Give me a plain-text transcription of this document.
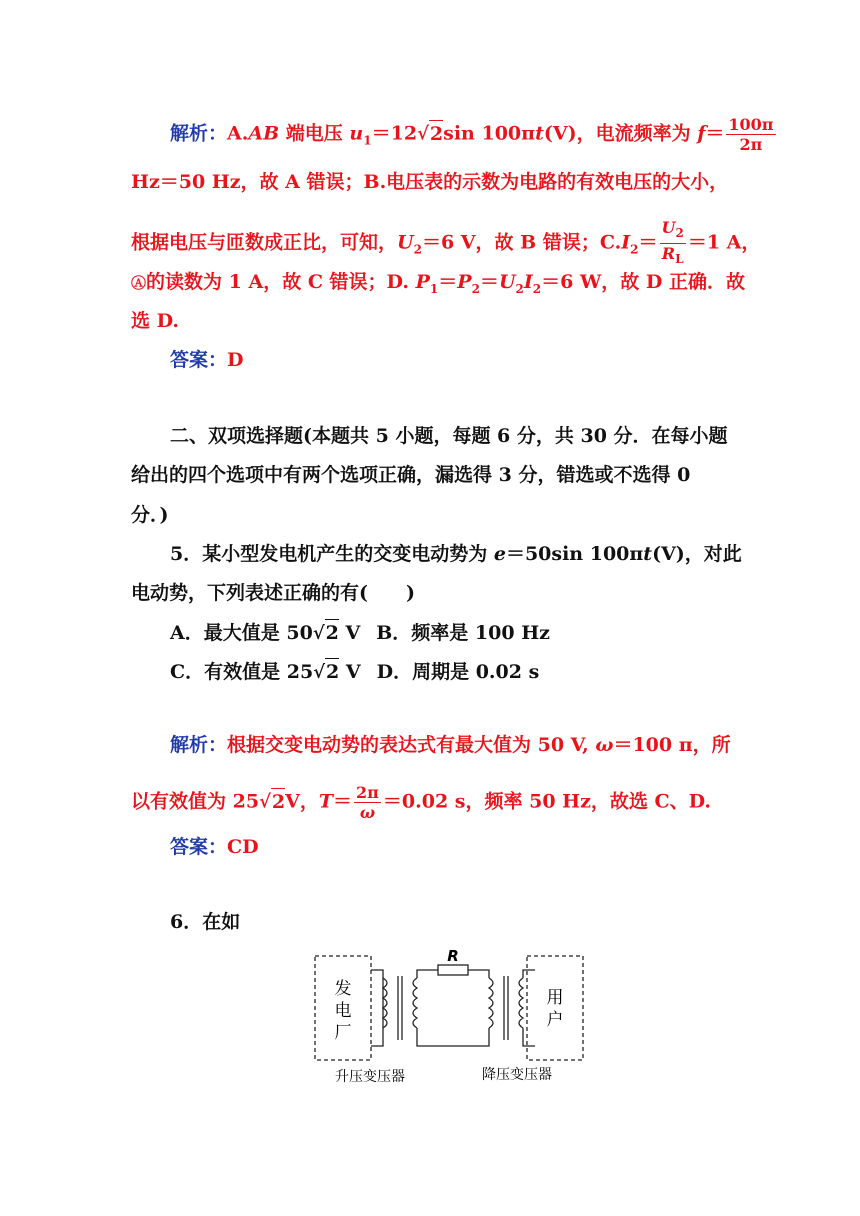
解析：A.AB 端电压 $u_1=12√2\sin$ 100πt(V)，电流频率为 $f= \frac{100\pi}{2\pi}$
Hz＝50 Hz，故 A 错误；B.电压表的示数为电路的有效电压的大小，
根据电压与匝数成正比，可知，$U_2=6$ V，故 B 错误；$C.I_2= \frac{U_2}{R_L} =1$ A，
Ⓐ的读数为 1 A，故 C 错误；D. $P_1=P_2=U_2I_2=6$ W，故 D 正确．故
选 D.
答案：D
二、双项选择题(本题共 5 小题，每题 6 分，共 30 分．在每小题
给出的四个选项中有两个选项正确，漏选得 3 分，错选或不选得 0
分．)
5．某小型发电机产生的交变电动势为 e＝50sin 100πt(V)，对此
电动势，下列表述正确的有(　　)
A．最大值是 50√2 V B．频率是 100 Hz
C．有效值是 25√2 V D．周期是 0.02 s
解析：根据交变电动势的表达式有最大值为 50 V, ω＝100 π，所
以有效值为 25√2V，$T= \frac{2\pi}{\omega} =0.02$ s，频率 50 Hz，故选 C、D.
答案：CD
6．在如
发
电
厂
用
户
R
升压变压器	降压变压器
